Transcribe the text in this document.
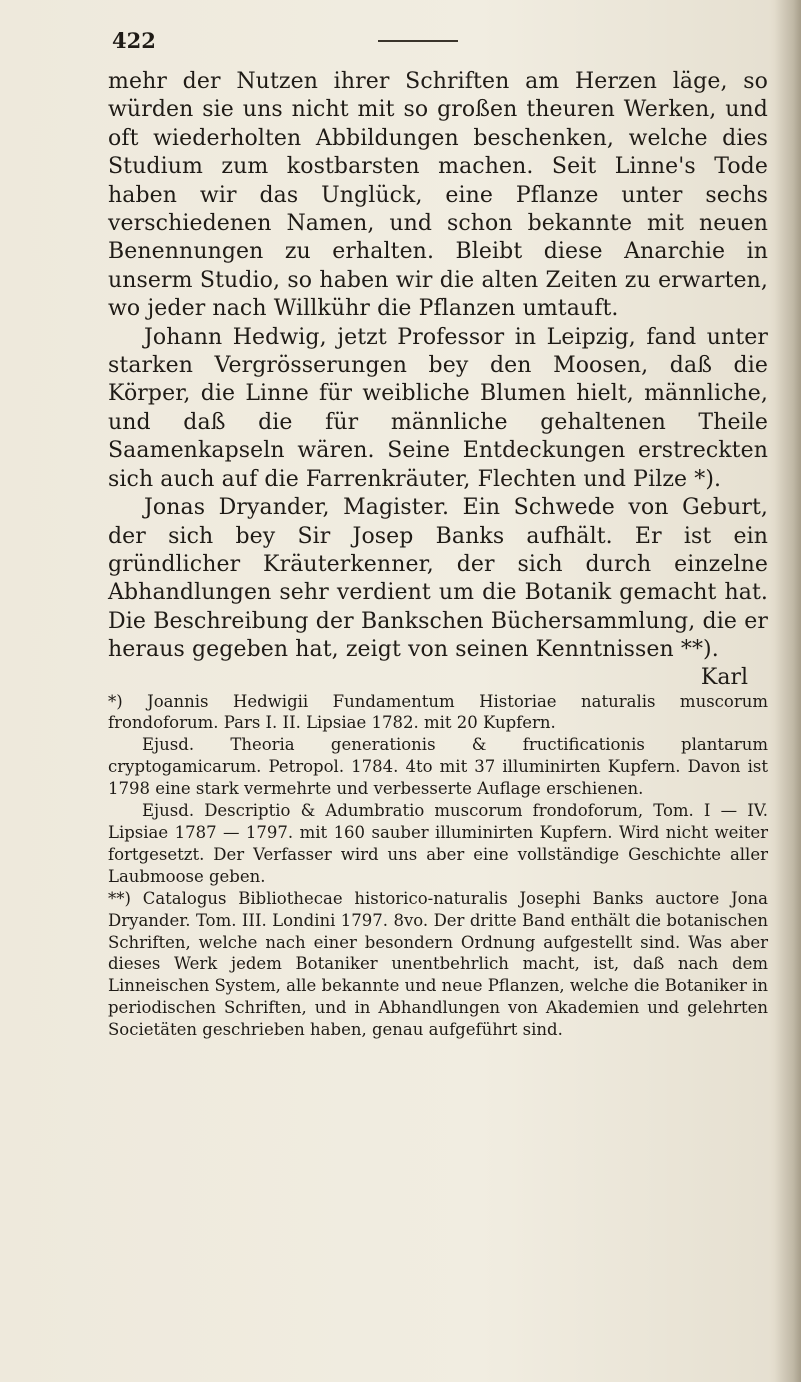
422

mehr der Nutzen ihrer Schriften am Herzen läge, so würden sie uns nicht mit so großen theuren Werken, und oft wiederholten Abbildungen beschenken, welche dies Studium zum kostbarsten machen. Seit Linne's Tode haben wir das Unglück, eine Pflanze unter sechs verschiedenen Namen, und schon bekannte mit neuen Benennungen zu erhalten. Bleibt diese Anarchie in unserm Studio, so haben wir die alten Zeiten zu erwarten, wo jeder nach Willkühr die Pflanzen umtauft.

Johann Hedwig, jetzt Professor in Leipzig, fand unter starken Vergrösserungen bey den Moosen, daß die Körper, die Linne für weibliche Blumen hielt, männliche, und daß die für männliche gehaltenen Theile Saamenkapseln wären. Seine Entdeckungen erstreckten sich auch auf die Farrenkräuter, Flechten und Pilze *).

Jonas Dryander, Magister. Ein Schwede von Geburt, der sich bey Sir Josep Banks aufhält. Er ist ein gründlicher Kräuterkenner, der sich durch einzelne Abhandlungen sehr verdient um die Botanik gemacht hat. Die Beschreibung der Bankschen Büchersammlung, die er heraus gegeben hat, zeigt von seinen Kenntnissen **).

Karl

*) Joannis Hedwigii Fundamentum Historiae naturalis muscorum frondoforum. Pars I. II. Lipsiae 1782. mit 20 Kupfern.

Ejusd. Theoria generationis & fructificationis plantarum cryptogamicarum. Petropol. 1784. 4to mit 37 illuminirten Kupfern. Davon ist 1798 eine stark vermehrte und verbesserte Auflage erschienen.

Ejusd. Descriptio & Adumbratio muscorum frondoforum, Tom. I — IV. Lipsiae 1787 — 1797. mit 160 sauber illuminirten Kupfern. Wird nicht weiter fortgesetzt. Der Verfasser wird uns aber eine vollständige Geschichte aller Laubmoose geben.

**) Catalogus Bibliothecae historico-naturalis Josephi Banks auctore Jona Dryander. Tom. III. Londini 1797. 8vo. Der dritte Band enthält die botanischen Schriften, welche nach einer besondern Ordnung aufgestellt sind. Was aber dieses Werk jedem Botaniker unentbehrlich macht, ist, daß nach dem Linneischen System, alle bekannte und neue Pflanzen, welche die Botaniker in periodischen Schriften, und in Abhandlungen von Akademien und gelehrten Societäten geschrieben haben, genau aufgeführt sind.
